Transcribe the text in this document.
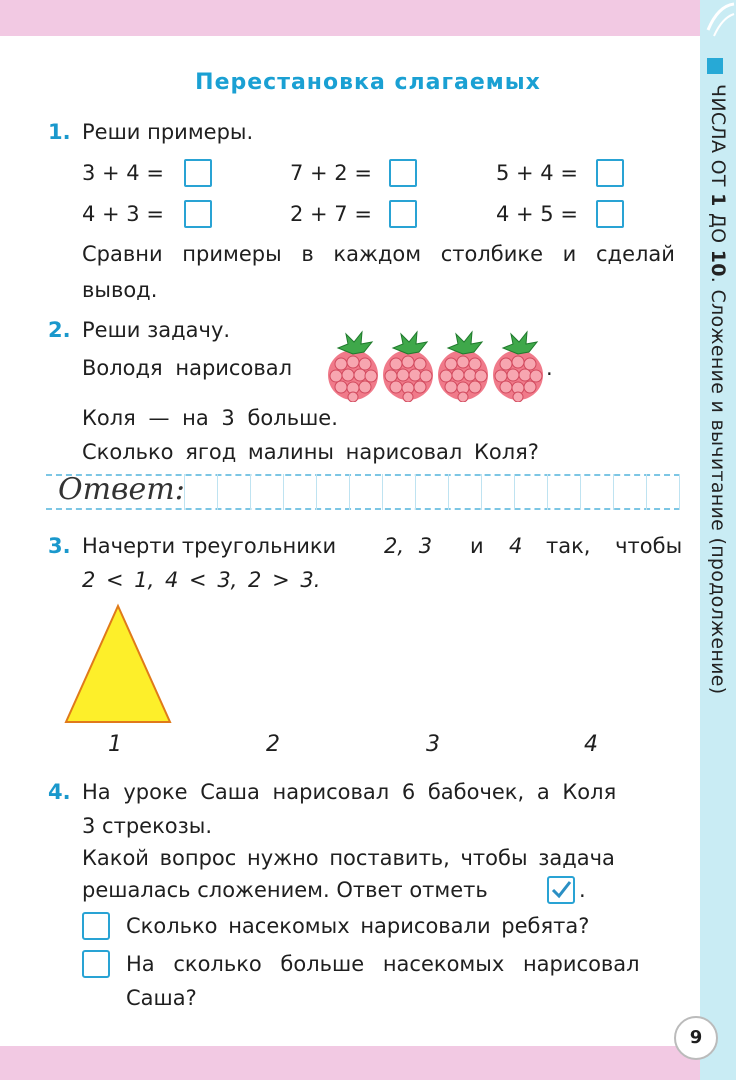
ЧИСЛА ОТ 1 ДО 10. Сложение и вычитание (продолжение)
Перестановка слагаемых
1. Реши примеры.
3 + 4 =	7 + 2 =	5 + 4 =
4 + 3 =	2 + 7 =	4 + 5 =
Сравни примеры в каждом столбике и сделай
вывод.
2. Реши задачу.
Володя нарисовал	.
Коля — на 3 больше.
Сколько ягод малины нарисовал Коля?
Ответ:
3. Начерти треугольники 2, 3 и 4 так, чтобы
2 < 1, 4 < 3, 2 > 3.
1	2	3	4
4. На уроке Саша нарисовал 6 бабочек, а Коля
3 стрекозы.
Какой вопрос нужно поставить, чтобы задача
решалась сложением. Ответ отметь	.
Сколько насекомых нарисовали ребята?
На сколько больше насекомых нарисовал
Саша?
9
